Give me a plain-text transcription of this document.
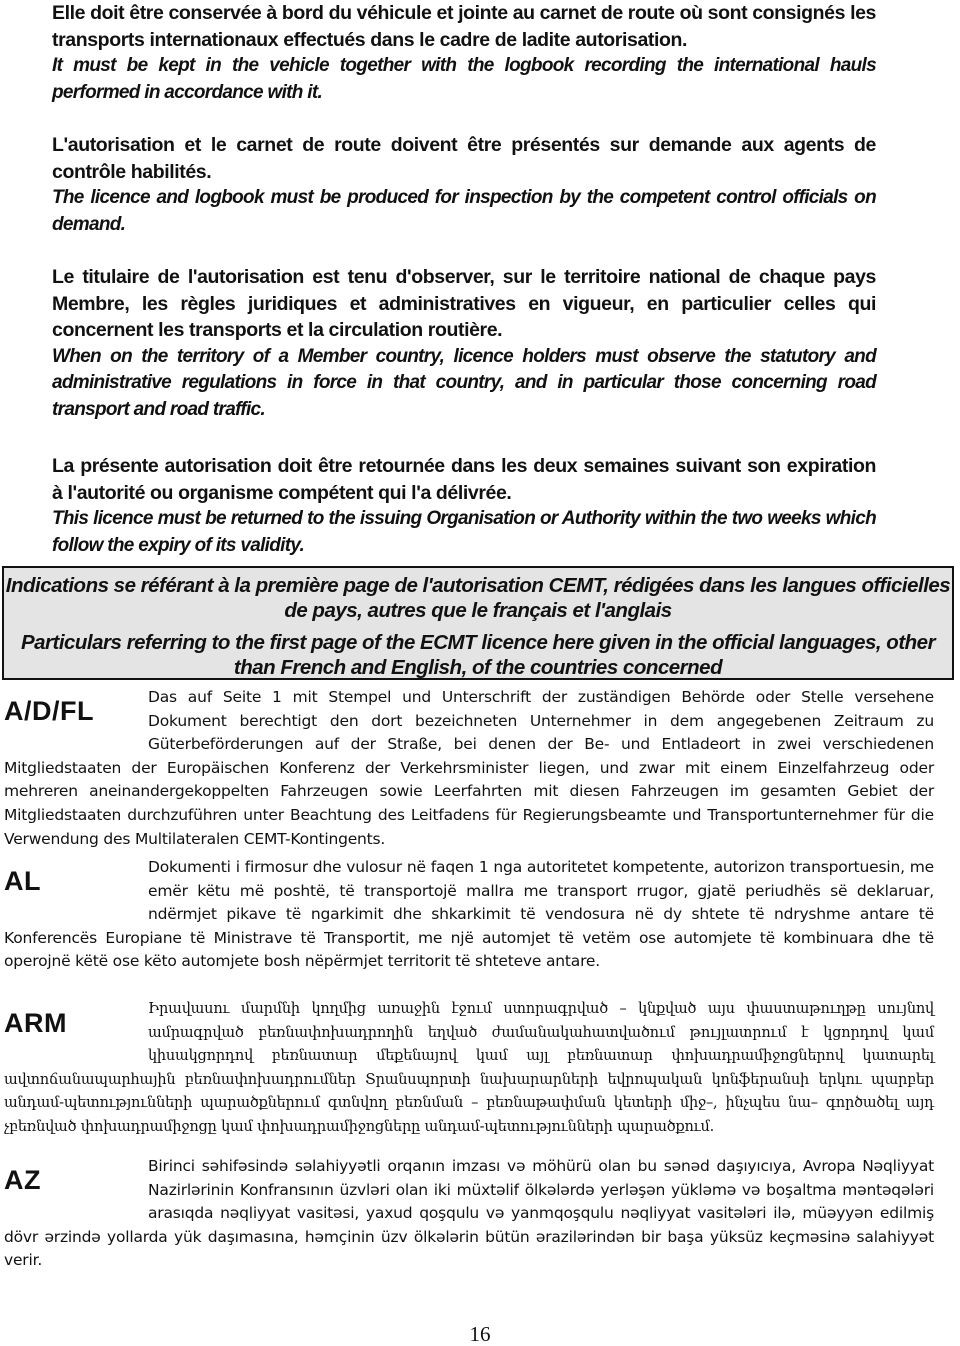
Elle doit être conservée à bord du véhicule et jointe au carnet de route où sont consignés les transports internationaux effectués dans le cadre de ladite autorisation.

It must be kept in the vehicle together with the logbook recording the international hauls performed in accordance with it.

L'autorisation et le carnet de route doivent être présentés sur demande aux agents de contrôle habilités.

The licence and logbook must be produced for inspection by the competent control officials on demand.

Le titulaire de l'autorisation est tenu d'observer, sur le territoire national de chaque pays Membre, les règles juridiques et administratives en vigueur, en particulier celles qui concernent les transports et la circulation routière.

When on the territory of a Member country, licence holders must observe the statutory and administrative regulations in force in that country, and in particular those concerning road transport and road traffic.

La présente autorisation doit être retournée dans les deux semaines suivant son expiration à l'autorité ou organisme compétent qui l'a délivrée.

This licence must be returned to the issuing Organisation or Authority within the two weeks which follow the expiry of its validity.

Indications se référant à la première page de l'autorisation CEMT, rédigées dans les langues officielles de pays, autres que le français et l'anglais

Particulars referring to the first page of the ECMT licence here given in the official languages, other than French and English, of the countries concerned

A/D/FL	Das auf Seite 1 mit Stempel und Unterschrift der zuständigen Behörde oder Stelle versehene Dokument berechtigt den dort bezeichneten Unternehmer in dem angegebenen Zeitraum zu Güterbeförderungen auf der Straße, bei denen der Be- und Entladeort in zwei verschiedenen Mitgliedstaaten der Europäischen Konferenz der Verkehrsminister liegen, und zwar mit einem Einzelfahrzeug oder mehreren aneinandergekoppelten Fahrzeugen sowie Leerfahrten mit diesen Fahrzeugen im gesamten Gebiet der Mitgliedstaaten durchzuführen unter Beachtung des Leitfadens für Regierungsbeamte und Transportunternehmer für die Verwendung des Multilateralen CEMT-Kontingents.

AL	Dokumenti i firmosur dhe vulosur në faqen 1 nga autoritetet kompetente, autorizon transportuesin, me emër këtu më poshtë, të transportojë mallra me transport rrugor, gjatë periudhës së deklaruar, ndërmjet pikave të ngarkimit dhe shkarkimit të vendosura në dy shtete të ndryshme antare të Konferencës Europiane të Ministrave të Transportit, me një automjet të vetëm ose automjete të kombinuara dhe të operojnë këtë ose këto automjete bosh nëpërmjet territorit të shteteve antare.

ARM	Իրավասու մարմնի կողմից առաջին էջում ստորագրված – կնքված այս փաստաթուղթը սույնով ամրագրված բեռնափոխադրողին եղված ժամանակահատվածում թույլատրում է կցորդով կամ կիսակցորդով բեռնատար մեքենայով կամ այլ բեռնատար փոխադրամիջոցներով կատարել ավտոճանապարհային բեռնափոխադրումներ Տրանսպորտի նախարարների եվրոպական կոնֆերանսի երկու պարբեր անդամ-պետությունների պարածքներում գտնվող բեռնման – բեռնաթափման կետերի միջ–, ինչպես նա– գործածել այդ չբեռնված փոխադրամիջոցը կամ փոխադրամիջոցները անդամ-պետությունների պարածքում.

AZ	Birinci səhifəsində səlahiyyətli orqanın imzası və möhürü olan bu sənəd daşıyıcıya, Avropa Nəqliyyat Nazirlərinin Konfransının üzvləri olan iki müxtəlif ölkələrdə yerləşən yükləmə və boşaltma məntəqələri arasıqda nəqliyyat vasitəsi, yaxud qoşqulu və yanmqoşqulu nəqliyyat vasitələri ilə, müəyyən edilmiş dövr ərzində yollarda yük daşımasına, həmçinin üzv ölkələrin bütün ərazilərindən bir başa yüksüz keçməsinə salahiyyət verir.

16
